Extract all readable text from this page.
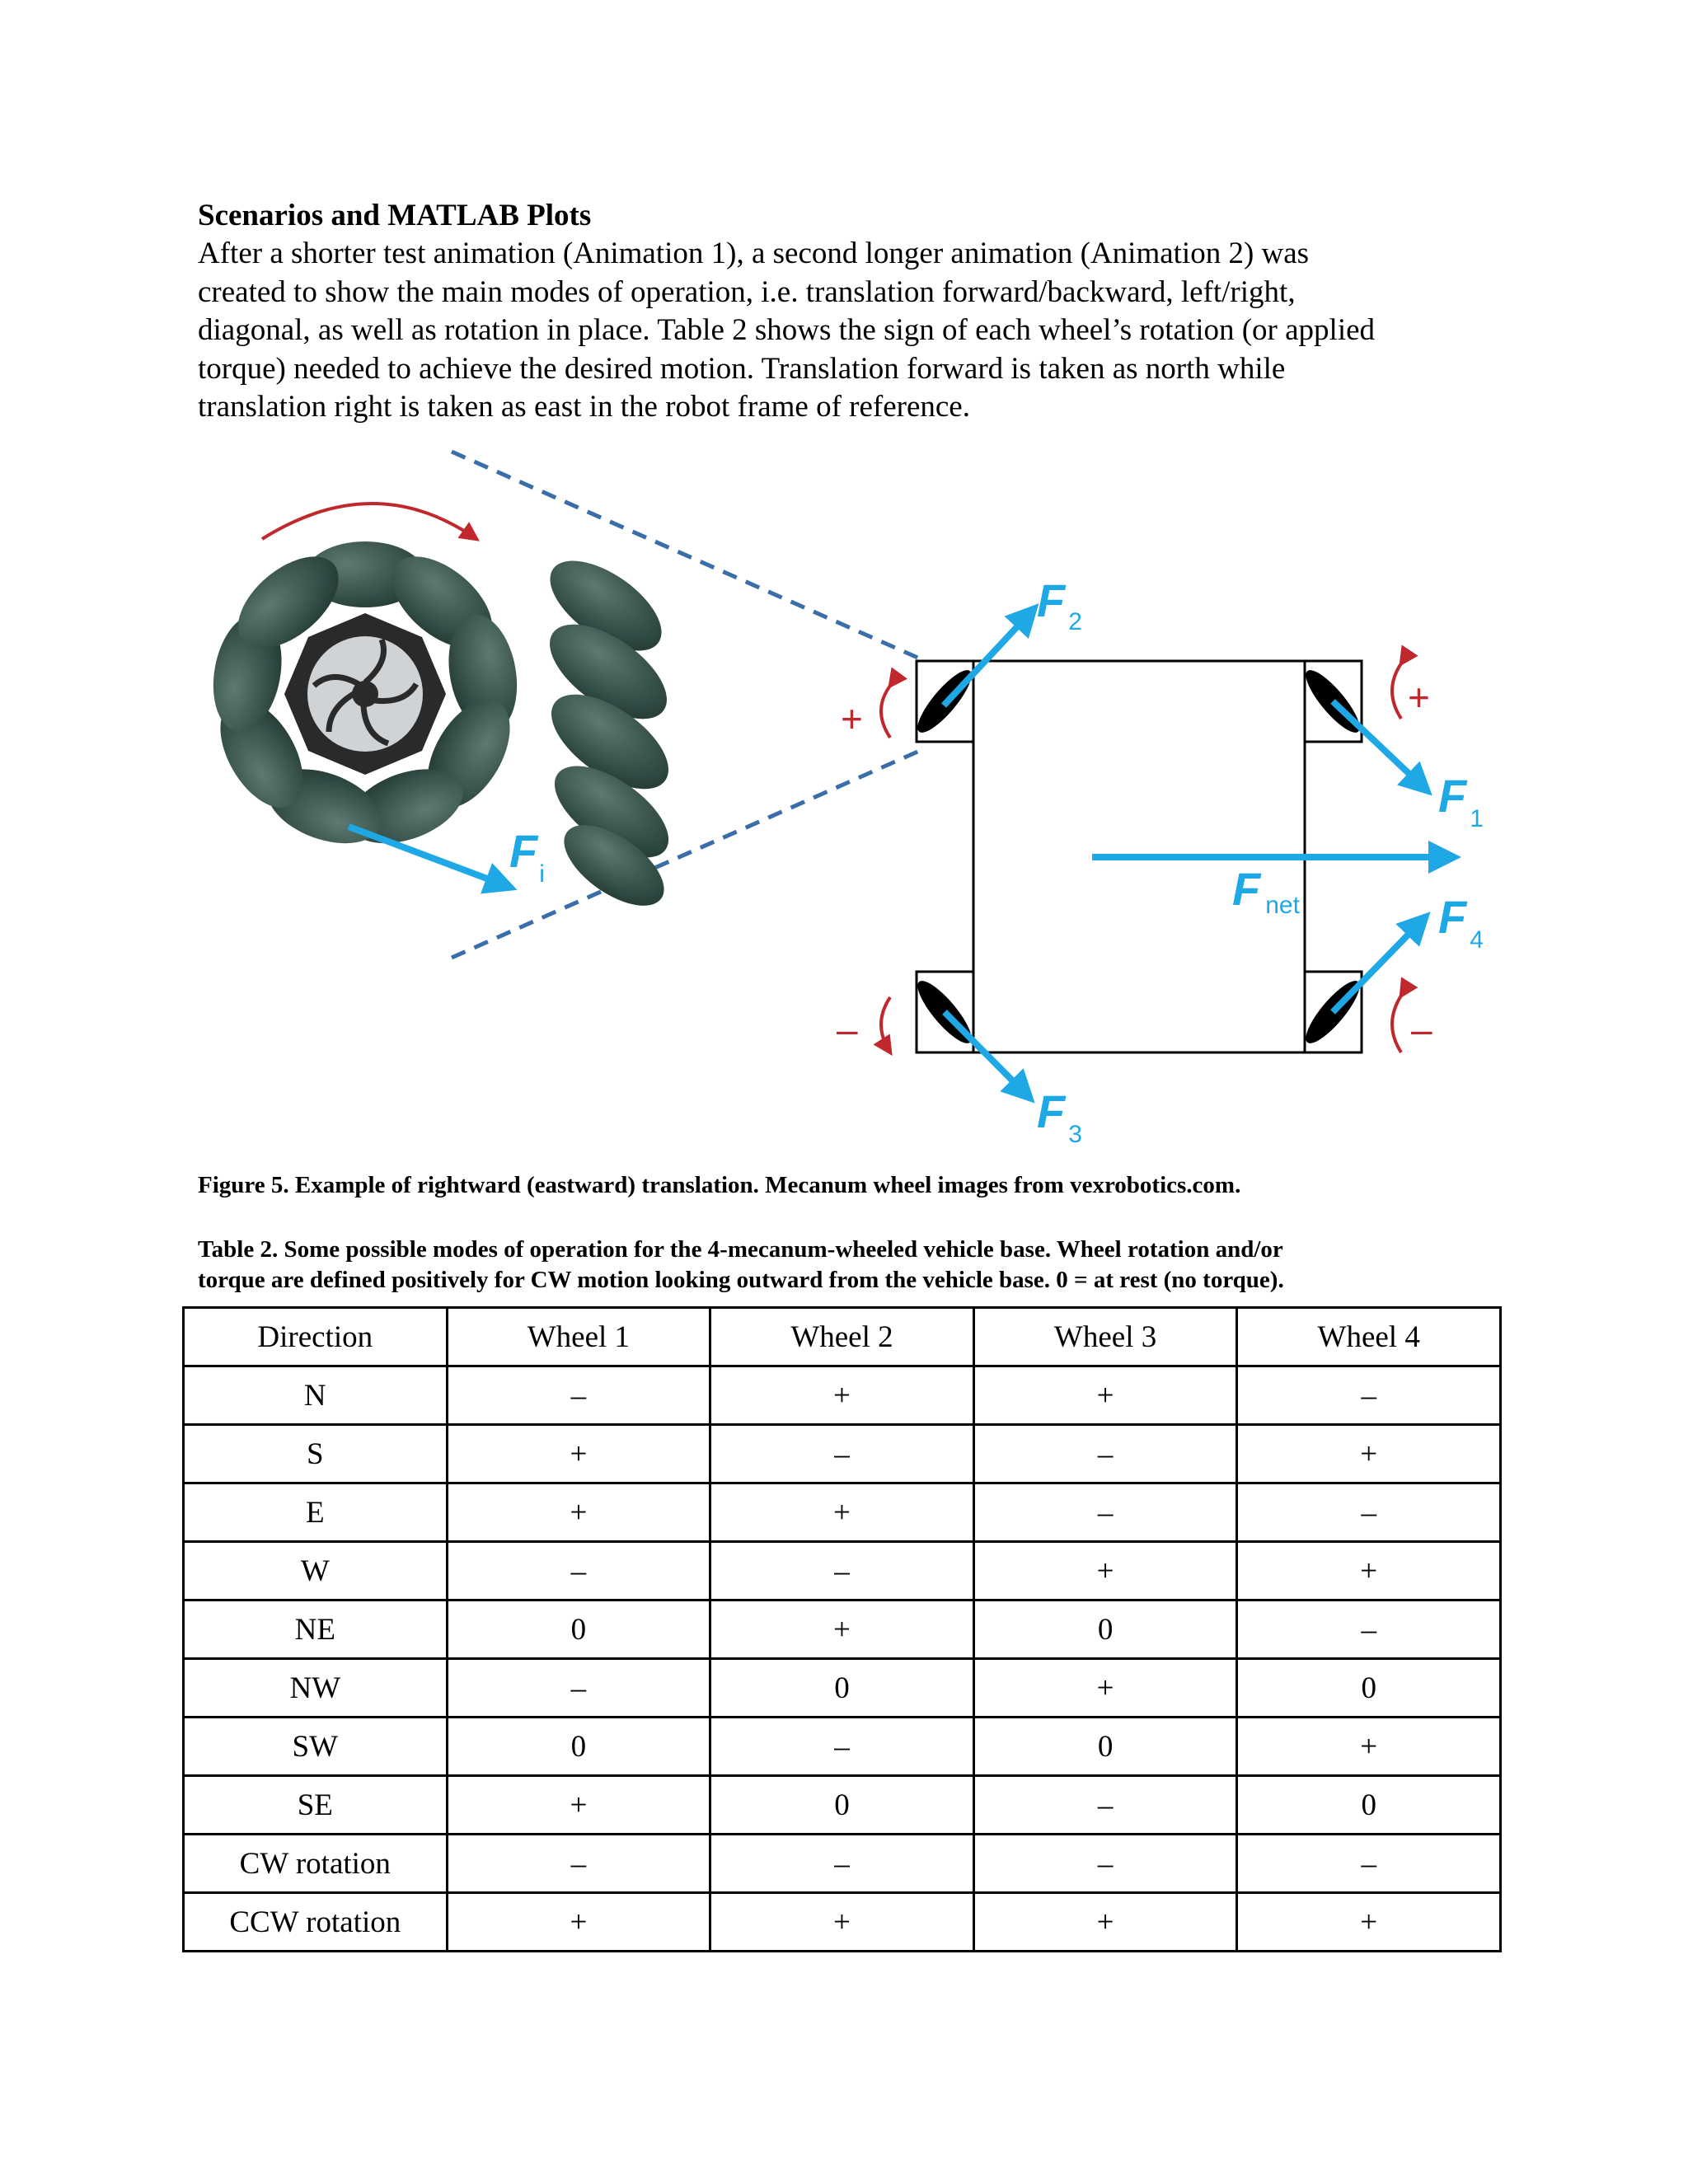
Scenarios and MATLAB Plots

After a shorter test animation (Animation 1), a second longer animation (Animation 2) was
created to show the main modes of operation, i.e. translation forward/backward, left/right,
diagonal, as well as rotation in place. Table 2 shows the sign of each wheel’s rotation (or applied
torque) needed to achieve the desired motion. Translation forward is taken as north while
translation right is taken as east in the robot frame of reference.

$F_i$
F $_2$
F $_1$
F $_4$
F $_3$
Fnet
+	+
–	–

Figure 5. Example of rightward (eastward) translation. Mecanum wheel images from vexrobotics.com.

Table 2. Some possible modes of operation for the 4-mecanum-wheeled vehicle base. Wheel rotation and/or
torque are defined positively for CW motion looking outward from the vehicle base. 0 = at rest (no torque).

Direction	Wheel 1	Wheel 2	Wheel 3	Wheel 4
N	–	+	+	–
S	+	–	–	+
E	+	+	–	–
W	–	–	+	+
NE	0	+	0	–
NW	–	0	+	0
SW	0	–	0	+
SE	+	0	–	0
CW rotation	–	–	–	–
CCW rotation	+	+	+	+
